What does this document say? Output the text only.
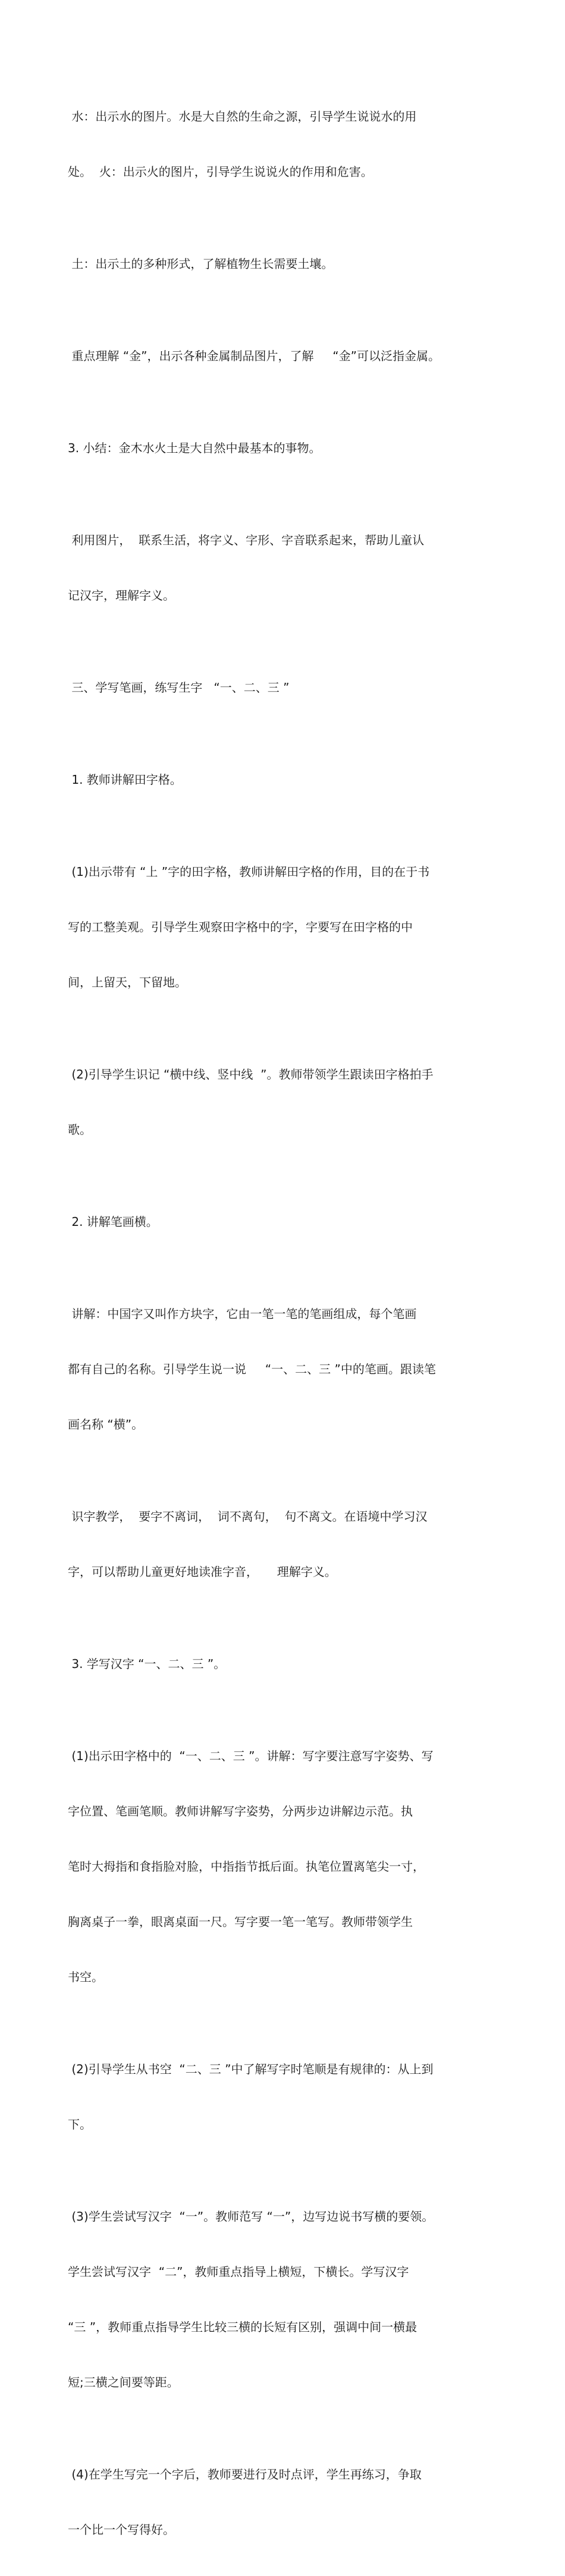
水：出示水的图片。水是大自然的生命之源，引导学生说说水的用

处。  火：出示火的图片，引导学生说说火的作用和危害。

土：出示土的多种形式，了解植物生长需要土壤。

重点理解 “金”，出示各种金属制品图片，了解     “金”可以泛指金属。

3. 小结：金木水火土是大自然中最基本的事物。

利用图片，  联系生活，将字义、字形、字音联系起来，帮助儿童认

记汉字，理解字义。

三、学写笔画，练写生字   “一、二、三 ”

1. 教师讲解田字格。

(1)出示带有 “上 ”字的田字格，教师讲解田字格的作用，目的在于书

写的工整美观。引导学生观察田字格中的字，字要写在田字格的中

间，上留天，下留地。

(2)引导学生识记 “横中线、竖中线  ”。教师带领学生跟读田字格拍手

歌。

2. 讲解笔画横。

讲解：中国字又叫作方块字，它由一笔一笔的笔画组成，每个笔画

都有自己的名称。引导学生说一说     “一、二、三 ”中的笔画。跟读笔

画名称 “横”。

识字教学，  要字不离词，  词不离句，  句不离文。在语境中学习汉

字，可以帮助儿童更好地读准字音，     理解字义。

3. 学写汉字 “一、二、三 ”。

(1)出示田字格中的  “一、二、三 ”。讲解：写字要注意写字姿势、写

字位置、笔画笔顺。教师讲解写字姿势，分两步边讲解边示范。执

笔时大拇指和食指脸对脸，中指指节抵后面。执笔位置离笔尖一寸，

胸离桌子一拳，眼离桌面一尺。写字要一笔一笔写。教师带领学生

书空。

(2)引导学生从书空  “二、三 ”中了解写字时笔顺是有规律的：从上到

下。

(3)学生尝试写汉字  “一”。教师范写 “一”，边写边说书写横的要领。

学生尝试写汉字  “二”，教师重点指导上横短，下横长。学写汉字

“三 ”，教师重点指导学生比较三横的长短有区别，强调中间一横最

短;三横之间要等距。

(4)在学生写完一个字后，教师要进行及时点评，学生再练习，争取

一个比一个写得好。
